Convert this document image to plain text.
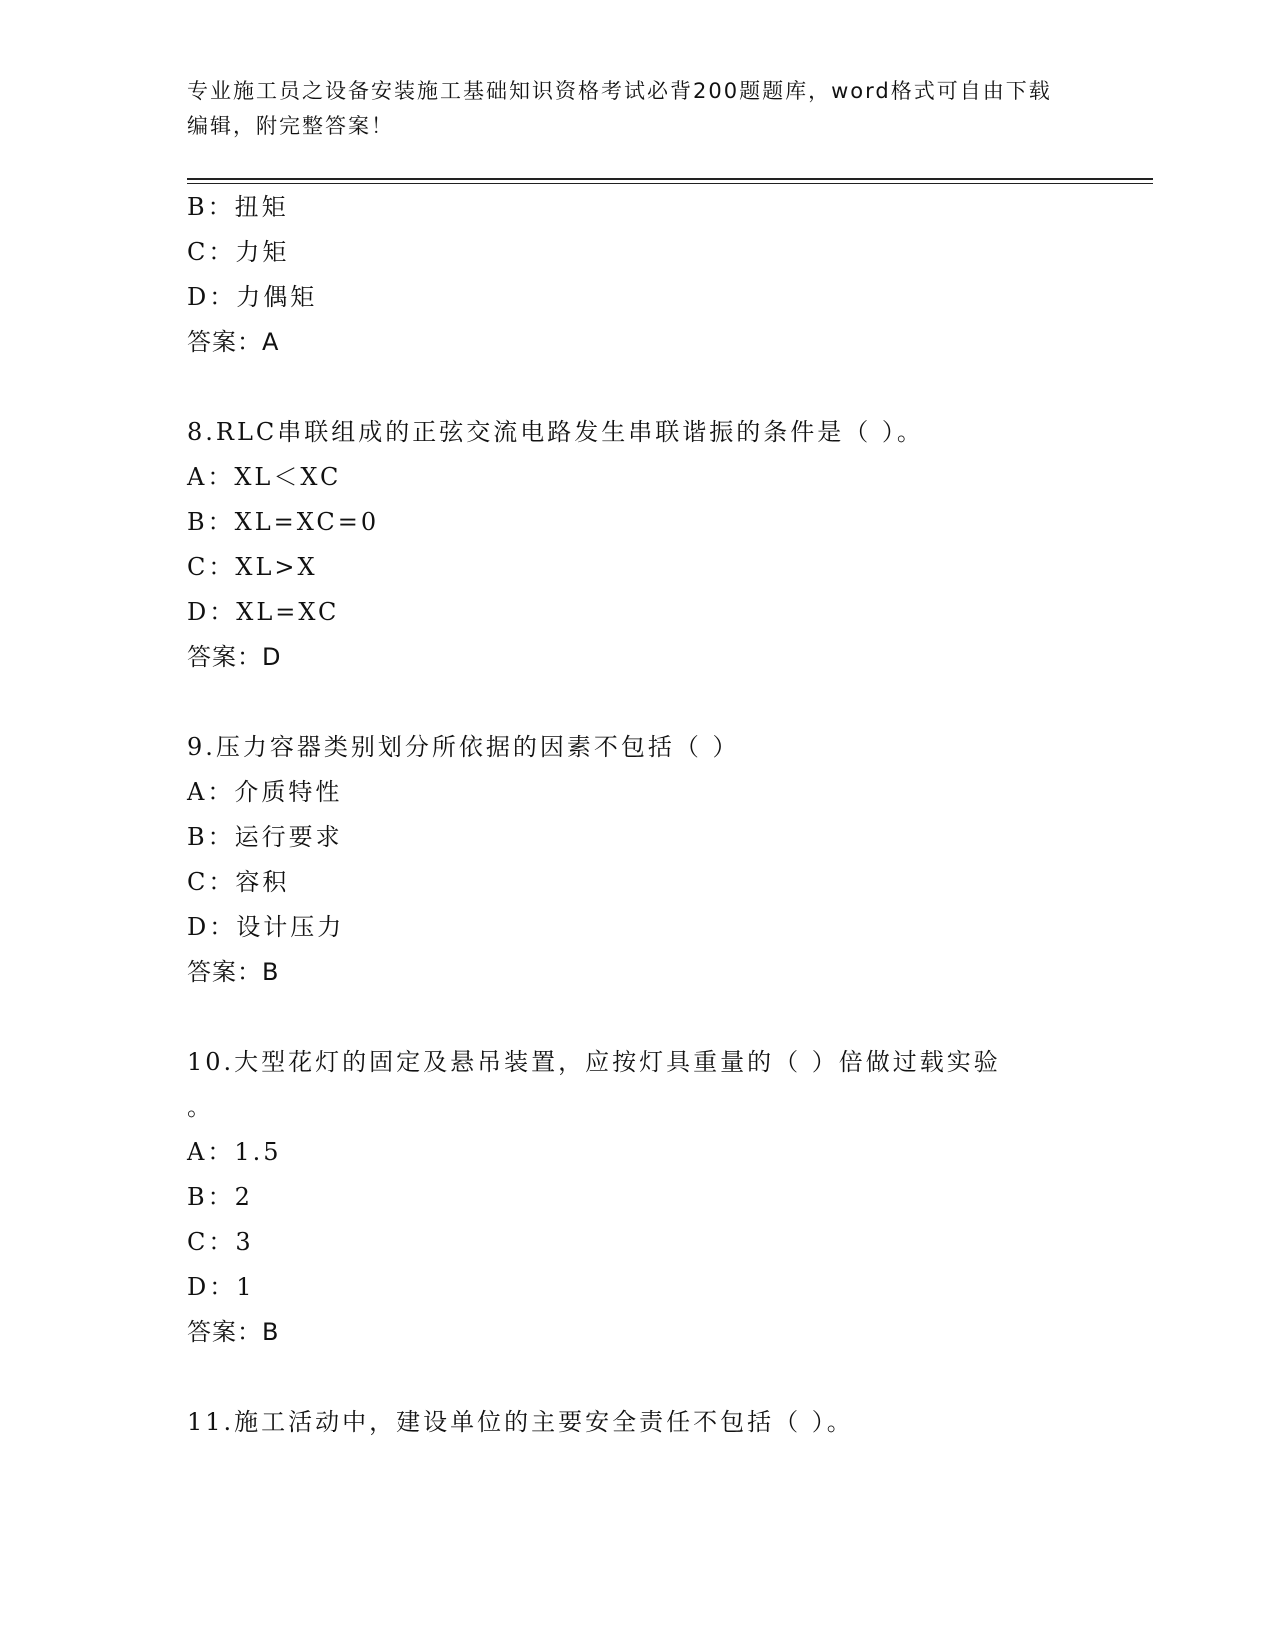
专业施工员之设备安装施工基础知识资格考试必背200题题库，word格式可自由下载编辑，附完整答案！
B：扭矩
C：力矩
D：力偶矩
答案：A
8.RLC串联组成的正弦交流电路发生串联谐振的条件是（ ）。
A：XL＜XC
B：XL=XC=0
C：XL>X
D：XL=XC
答案：D
9.压力容器类别划分所依据的因素不包括（ ）
A：介质特性
B：运行要求
C：容积
D：设计压力
答案：B
10.大型花灯的固定及悬吊装置，应按灯具重量的（ ）倍做过载实验
。
A：1.5
B：2
C：3
D：1
答案：B
11.施工活动中，建设单位的主要安全责任不包括（ ）。
